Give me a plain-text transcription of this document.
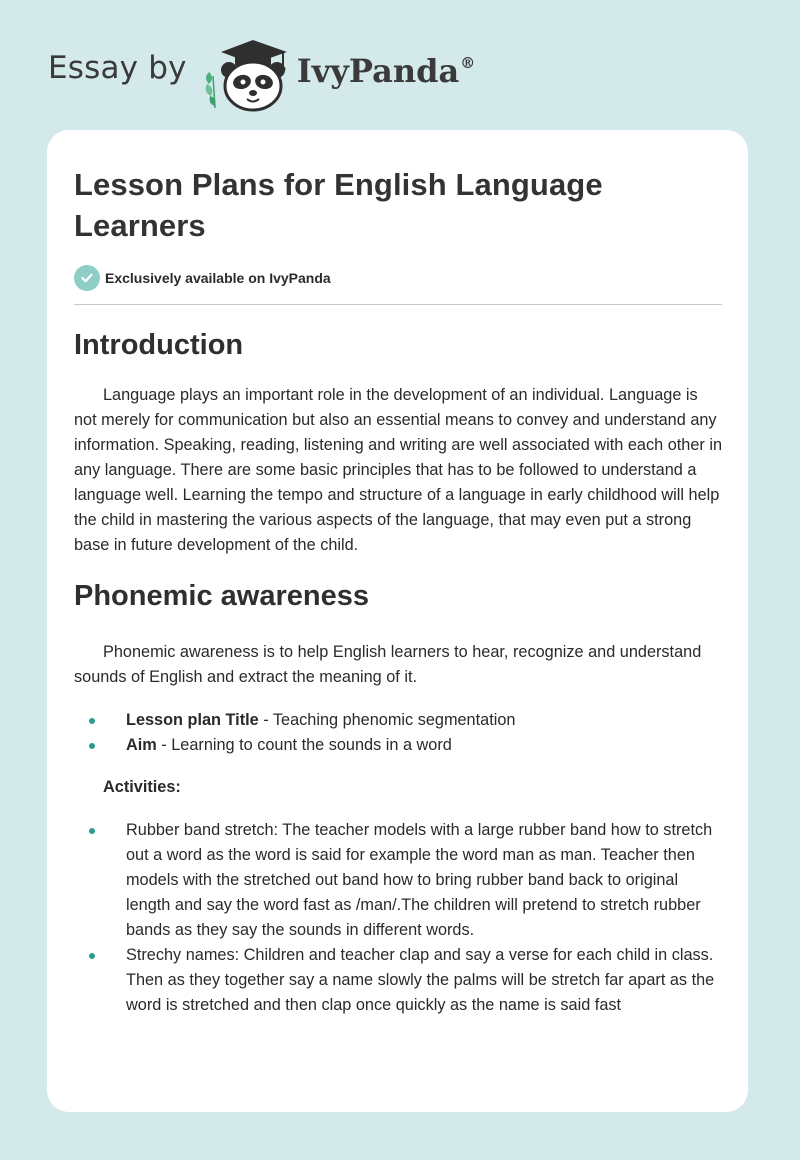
Essay by	IvyPanda®
Lesson Plans for English Language Learners
Exclusively available on IvyPanda
Introduction

Language plays an important role in the development of an individual. Language is not merely for communication but also an essential means to convey and understand any information. Speaking, reading, listening and writing are well associated with each other in any language. There are some basic principles that has to be followed to understand a language well. Learning the tempo and structure of a language in early childhood will help the child in mastering the various aspects of the language, that may even put a strong base in future development of the child.

Phonemic awareness

Phonemic awareness is to help English learners to hear, recognize and understand sounds of English and extract the meaning of it.

Lesson plan Title - Teaching phenomic segmentation
Aim - Learning to count the sounds in a word
Activities:
Rubber band stretch: The teacher models with a large rubber band how to stretch out a word as the word is said for example the word man as man. Teacher then models with the stretched out band how to bring rubber band back to original length and say the word fast as /man/.The children will pretend to stretch rubber bands as they say the sounds in different words.
Strechy names: Children and teacher clap and say a verse for each child in class. Then as they together say a name slowly the palms will be stretch far apart as the word is stretched and then clap once quickly as the name is said fast
